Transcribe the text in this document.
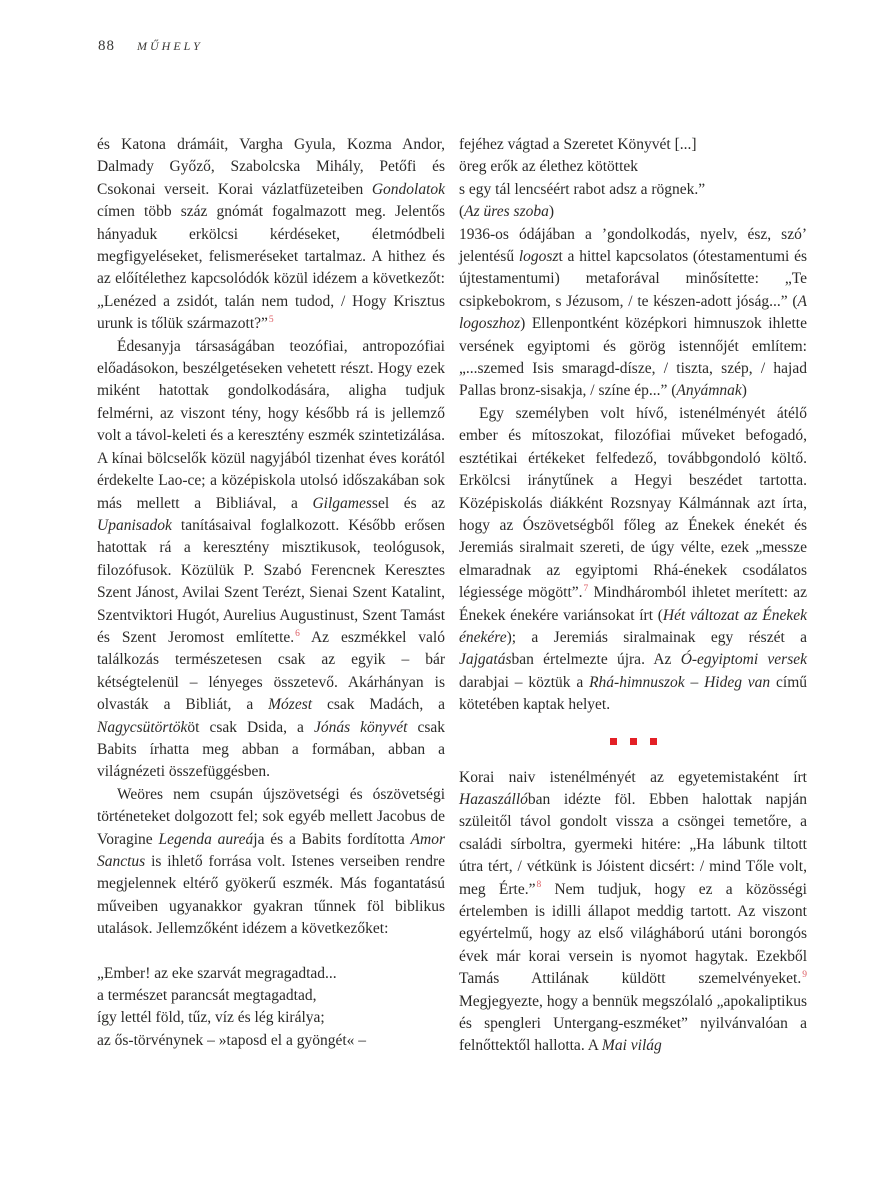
88 MŰHELY

és Katona drámáit, Vargha Gyula, Kozma Andor, Dalmady Győző, Szabolcska Mihály, Petőfi és Csokonai verseit. Korai vázlatfüzeteiben Gondolatok címen több száz gnómát fogalmazott meg. Jelentős hányaduk erkölcsi kérdéseket, életmódbeli megfigyeléseket, felismeréseket tartalmaz. A hithez és az előítélethez kapcsolódók közül idézem a következőt: „Lenézed a zsidót, talán nem tudod, / Hogy Krisztus urunk is tőlük származott?”$^5$

Édesanyja társaságában teozófiai, antropozófiai előadásokon, beszélgetéseken vehetett részt. Hogy ezek miként hatottak gondolkodására, aligha tudjuk felmérni, az viszont tény, hogy később rá is jellemző volt a távol-keleti és a keresztény eszmék szintetizálása. A kínai bölcselők közül nagyjából tizenhat éves korától érdekelte Lao-ce; a középiskola utolsó időszakában sok más mellett a Bibliával, a Gilgamessel és az Upanisadok tanításaival foglalkozott. Később erősen hatottak rá a keresztény misztikusok, teológusok, filozófusok. Közülük P. Szabó Ferencnek Keresztes Szent Jánost, Avilai Szent Terézt, Sienai Szent Katalint, Szentviktori Hugót, Aurelius Augustinust, Szent Tamást és Szent Jeromost említette.$^6$ Az eszmékkel való találkozás természetesen csak az egyik – bár kétségtelenül – lényeges összetevő. Akárhányan is olvasták a Bibliát, a Mózest csak Madách, a Nagycsütörtököt csak Dsida, a Jónás könyvét csak Babits írhatta meg abban a formában, abban a világnézeti összefüggésben.

Weöres nem csupán újszövetségi és ószövetségi történeteket dolgozott fel; sok egyéb mellett Jacobus de Voragine Legenda aureája és a Babits fordította Amor Sanctus is ihlető forrása volt. Istenes verseiben rendre megjelennek eltérő gyökerű eszmék. Más fogantatású műveiben ugyanakkor gyakran tűnnek föl biblikus utalások. Jellemzőként idézem a következőket:

„Ember! az eke szarvát megragadtad...
a természet parancsát megtagadtad,
így lettél föld, tűz, víz és lég királya;
az ős-törvénynek – »taposd el a gyöngét« –
fejéhez vágtad a Szeretet Könyvét [...]
öreg erők az élethez kötöttek
s egy tál lencséért rabot adsz a rögnek.”
(Az üres szoba)

1936-os ódájában a ’gondolkodás, nyelv, ész, szó’ jelentésű logoszt a hittel kapcsolatos (ótestamentumi és újtestamentumi) metaforával minősítette: „Te csipkebokrom, s Jézusom, / te készen-adott jóság...” (A logoszhoz) Ellenpontként középkori himnuszok ihlette versének egyiptomi és görög istennőjét említem: „...szemed Isis smaragd-dísze, / tiszta, szép, / hajad Pallas bronz-sisakja, / színe ép...” (Anyámnak)

Egy személyben volt hívő, istenélményét átélő ember és mítoszokat, filozófiai műveket befogadó, esztétikai értékeket felfedező, továbbgondoló költő. Erkölcsi iránytűnek a Hegyi beszédet tartotta. Középiskolás diákként Rozsnyay Kálmánnak azt írta, hogy az Ószövetségből főleg az Énekek énekét és Jeremiás siralmait szereti, de úgy vélte, ezek „messze elmaradnak az egyiptomi Rhá-énekek csodálatos légiessége mögött”.$^7$ Mindháromból ihletet merített: az Énekek énekére variánsokat írt (Hét változat az Énekek énekére); a Jeremiás siralmainak egy részét a Jajgatásban értelmezte újra. Az Ó-egyiptomi versek darabjai – köztük a Rhá-himnuszok – Hideg van című kötetében kaptak helyet.

Korai naiv istenélményét az egyetemistaként írt Hazaszállóban idézte föl. Ebben halottak napján szüleitől távol gondolt vissza a csöngei temetőre, a családi sírboltra, gyermeki hitére: „Ha lábunk tiltott útra tért, / vétkünk is Jóistent dicsért: / mind Tőle volt, meg Érte.”$^8$ Nem tudjuk, hogy ez a közösségi értelemben is idilli állapot meddig tartott. Az viszont egyértelmű, hogy az első világháború utáni borongós évek már korai versein is nyomot hagytak. Ezekből Tamás Attilának küldött szemelvényeket.$^9$ Megjegyezte, hogy a bennük megszólaló „apokaliptikus és spengleri Untergang-eszméket” nyilvánvalóan a felnőttektől hallotta. A Mai világ
